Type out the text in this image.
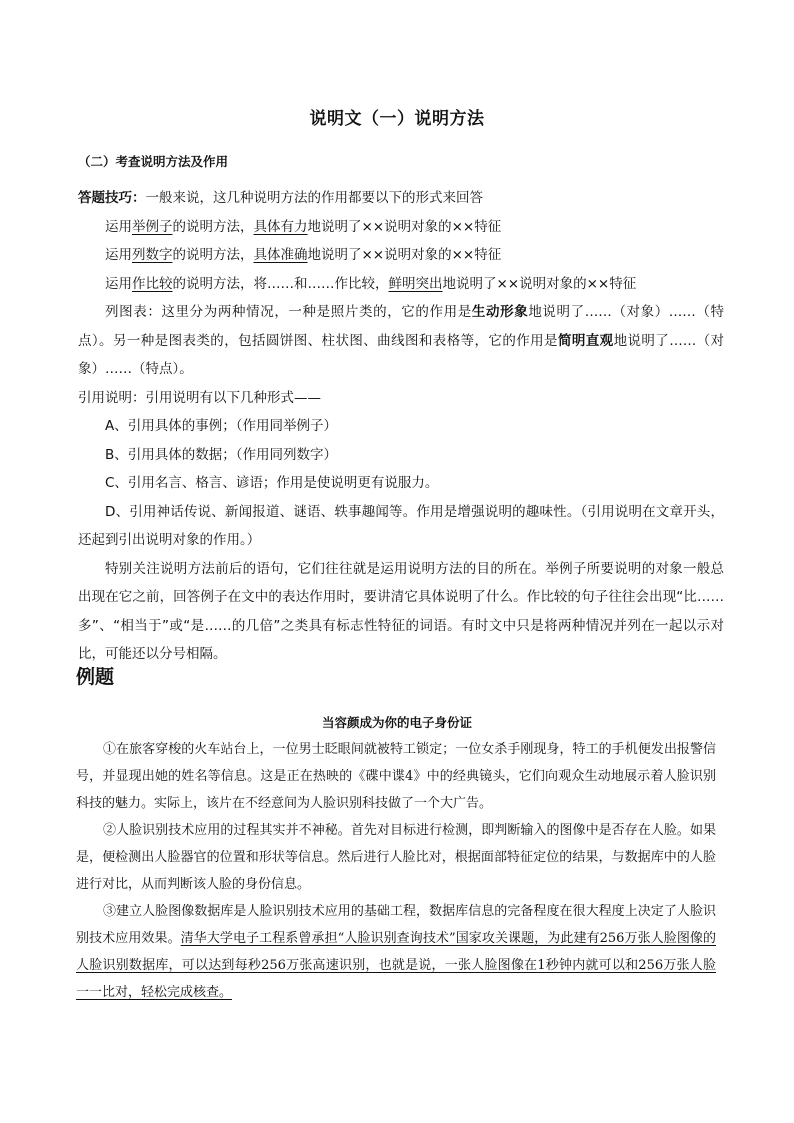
说明文（一）说明方法
（二）考查说明方法及作用
答题技巧：一般来说，这几种说明方法的作用都要以下的形式来回答
运用举例子的说明方法，具体有力地说明了××说明对象的××特征
运用列数字的说明方法，具体准确地说明了××说明对象的××特征
运用作比较的说明方法，将……和……作比较，鲜明突出地说明了××说明对象的××特征
列图表：这里分为两种情况，一种是照片类的，它的作用是生动形象地说明了……（对象）……（特点）。另一种是图表类的，包括圆饼图、柱状图、曲线图和表格等，它的作用是简明直观地说明了……（对象）……（特点）。
引用说明：引用说明有以下几种形式——
A、引用具体的事例；（作用同举例子）
B、引用具体的数据；（作用同列数字）
C、引用名言、格言、谚语；作用是使说明更有说服力。
D、引用神话传说、新闻报道、谜语、轶事趣闻等。作用是增强说明的趣味性。（引用说明在文章开头，还起到引出说明对象的作用。）
特别关注说明方法前后的语句，它们往往就是运用说明方法的目的所在。举例子所要说明的对象一般总出现在它之前，回答例子在文中的表达作用时，要讲清它具体说明了什么。作比较的句子往往会出现“比……多”、“相当于”或“是……的几倍”之类具有标志性特征的词语。有时文中只是将两种情况并列在一起以示对比，可能还以分号相隔。
例题
当容颜成为你的电子身份证

①在旅客穿梭的火车站台上，一位男士眨眼间就被特工锁定；一位女杀手刚现身，特工的手机便发出报警信号，并显现出她的姓名等信息。这是正在热映的《碟中谍4》中的经典镜头，它们向观众生动地展示着人脸识别科技的魅力。实际上，该片在不经意间为人脸识别科技做了一个大广告。

②人脸识别技术应用的过程其实并不神秘。首先对目标进行检测，即判断输入的图像中是否存在人脸。如果是，便检测出人脸器官的位置和形状等信息。然后进行人脸比对，根据面部特征定位的结果，与数据库中的人脸进行对比，从而判断该人脸的身份信息。

③建立人脸图像数据库是人脸识别技术应用的基础工程，数据库信息的完备程度在很大程度上决定了人脸识别技术应用效果。清华大学电子工程系曾承担“人脸识别查询技术”国家攻关课题，为此建有256万张人脸图像的人脸识别数据库，可以达到每秒256万张高速识别，也就是说，一张人脸图像在1秒钟内就可以和256万张人脸一一比对，轻松完成核查。
